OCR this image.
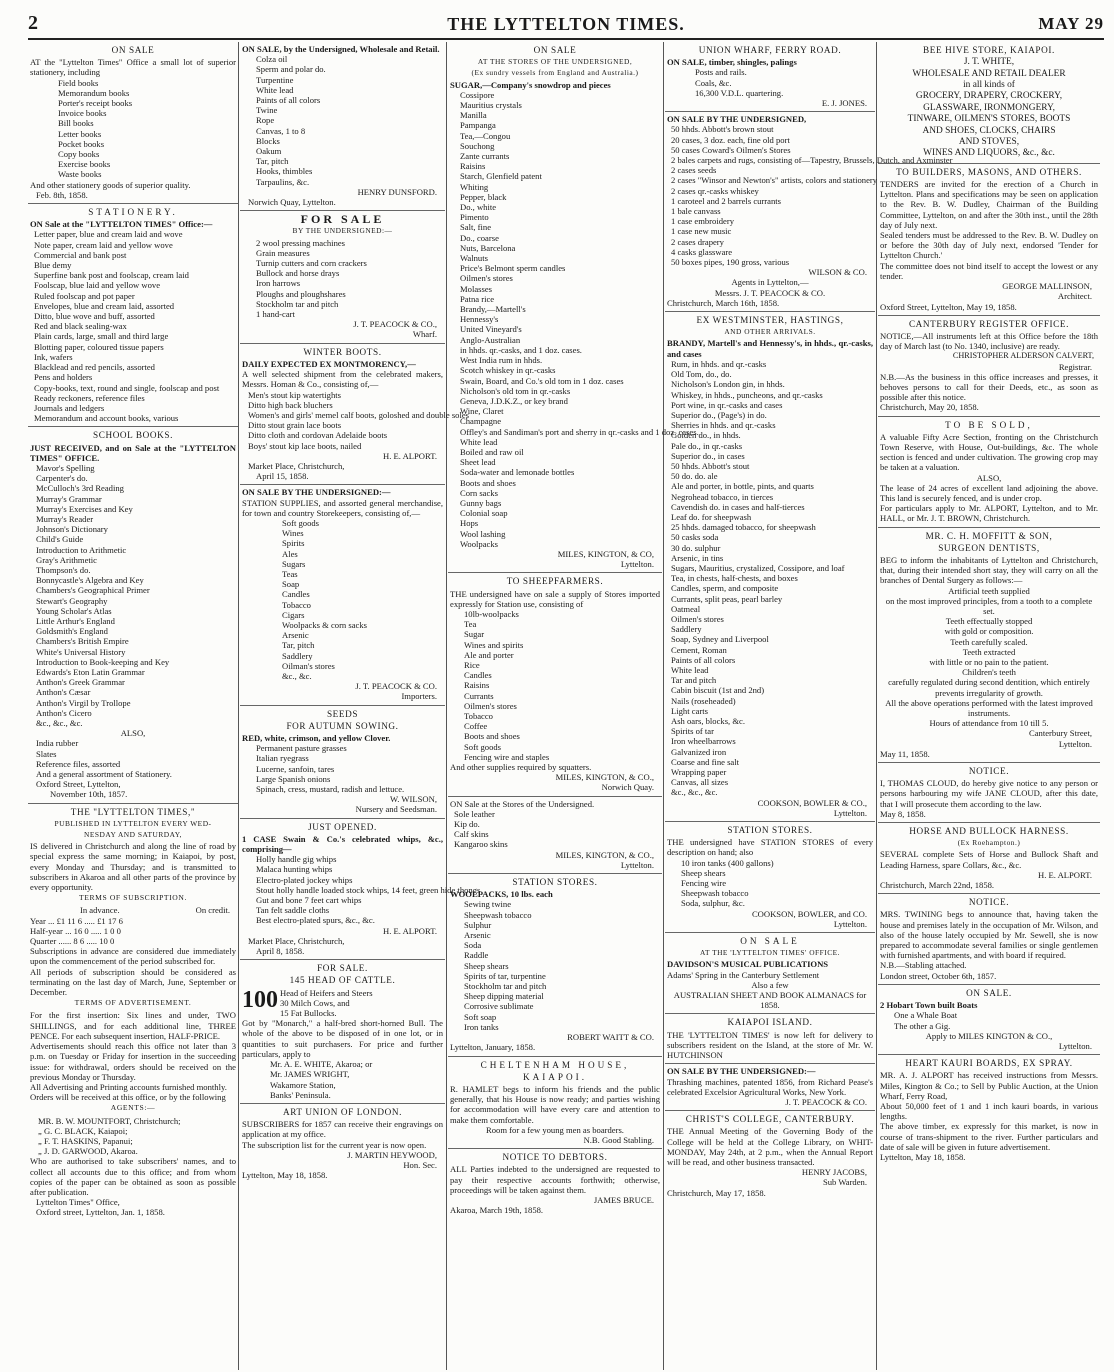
2	THE LYTTELTON TIMES.	MAY 29
ON SALE
AT the "Lyttelton Times" Office a small lot of superior stationery, including
Field books
Memorandum books
Porter's receipt books
Invoice books
Bill books
Letter books
Pocket books
Copy books
Exercise books
Waste books
And other stationery goods of superior quality.
Feb. 8th, 1858.
STATIONERY.
ON Sale at the "LYTTELTON TIMES" Office:—
Letter paper, blue and cream laid and wove
Note paper, cream laid and yellow wove
Commercial and bank post
Blue demy
Superfine bank post and foolscap, cream laid
Foolscap, blue laid and yellow wove
Ruled foolscap and pot paper
Envelopes, blue and cream laid, assorted
Ditto, blue wove and buff, assorted
Red and black sealing-wax
Plain cards, large, small and third large
Blotting paper, coloured tissue papers
Ink, wafers
Blacklead and red pencils, assorted
Pens and holders
Copy-books, text, round and single, foolscap and post
Ready reckoners, reference files
Journals and ledgers
Memorandum and account books, various
SCHOOL BOOKS.
JUST RECEIVED, and on Sale at the "LYTTELTON TIMES" OFFICE.
Mavor's Spelling
Carpenter's do.
McCulloch's 3rd Reading
Murray's Grammar
Murray's Exercises and Key
Murray's Reader
Johnson's Dictionary
Child's Guide
Introduction to Arithmetic
Gray's Arithmetic
Thompson's do.
Bonnycastle's Algebra and Key
Chambers's Geographical Primer
Stewart's Geography
Young Scholar's Atlas
Little Arthur's England
Goldsmith's England
Chambers's British Empire
White's Universal History
Introduction to Book-keeping and Key
Edwards's Eton Latin Grammar
Anthon's Greek Grammar
Anthon's Cæsar
Anthon's Virgil by Trollope
Anthon's Cicero
&c., &c., &c.
ALSO,
India rubber
Slates
Reference files, assorted
And a general assortment of Stationery.
Oxford Street, Lyttelton,
November 10th, 1857.
THE "LYTTELTON TIMES,"
PUBLISHED IN LYTTELTON EVERY WED-
NESDAY AND SATURDAY,
IS delivered in Christchurch and along the line of road by special express the same morning; in Kaiapoi, by post, every Monday and Thursday; and is transmitted to subscribers in Akaroa and all other parts of the province by every opportunity.
TERMS OF SUBSCRIPTION.
In advance.	On credit.
Year ... £1 11 6 ..... £1 17 6
Half-year ... 16 0 ..... 1 0 0
Quarter ...... 8 6 ..... 10 0
Subscriptions in advance are considered due immediately upon the commencement of the period subscribed for.
All periods of subscription should be considered as terminating on the last day of March, June, September or December.
TERMS OF ADVERTISEMENT.
For the first insertion: Six lines and under, TWO SHILLINGS, and for each additional line, THREE PENCE. For each subsequent insertion, HALF-PRICE.
Advertisements should reach this office not later than 3 p.m. on Tuesday or Friday for insertion in the succeeding issue: for withdrawal, orders should be received on the previous Monday or Thursday.
All Advertising and Printing accounts furnished monthly.
Orders will be received at this office, or by the following
AGENTS:—
MR. B. W. MOUNTFORT, Christchurch;
„ G. C. BLACK, Kaiapoi;
„ F. T. HASKINS, Papanui;
„ J. D. GARWOOD, Akaroa.
Who are authorised to take subscribers' names, and to collect all accounts due to this office; and from whom copies of the paper can be obtained as soon as possible after publication.
Lyttelton Times" Office,
Oxford street, Lyttelton, Jan. 1, 1858.
ON SALE, by the Undersigned, Wholesale and Retail.
Colza oil
Sperm and polar do.
Turpentine
White lead
Paints of all colors
Twine
Rope
Canvas, 1 to 8
Blocks
Oakum
Tar, pitch
Hooks, thimbles
Tarpaulins, &c.
HENRY DUNSFORD.
Norwich Quay, Lyttelton.
FOR SALE
BY THE UNDERSIGNED:—
2 wool pressing machines
Grain measures
Turnip cutters and corn crackers
Bullock and horse drays
Iron harrows
Ploughs and ploughshares
Stockholm tar and pitch
1 hand-cart
J. T. PEACOCK & CO.,
Wharf.
WINTER BOOTS.
DAILY EXPECTED EX MONTMORENCY,—
A well selected shipment from the celebrated makers, Messrs. Homan & Co., consisting of,—
Men's stout kip watertights
Ditto high back bluchers
Women's and girls' memel calf boots, goloshed and double soles
Ditto stout grain lace boots
Ditto cloth and cordovan Adelaide boots
Boys' stout kip lace boots, nailed
H. E. ALPORT.
Market Place, Christchurch,
April 15, 1858.
ON SALE BY THE UNDERSIGNED:—
STATION SUPPLIES, and assorted general merchandise, for town and country Storekeepers, consisting of,—
Soft goods
Wines
Spirits
Ales
Sugars
Teas
Soap
Candles
Tobacco
Cigars
Woolpacks & corn sacks
Arsenic
Tar, pitch
Saddlery
Oilman's stores
&c., &c.
J. T. PEACOCK & CO.
Importers.
SEEDS
FOR AUTUMN SOWING.
RED, white, crimson, and yellow Clover.
Permanent pasture grasses
Italian ryegrass
Lucerne, sanfoin, tares
Large Spanish onions
Spinach, cress, mustard, radish and lettuce.
W. WILSON,
Nursery and Seedsman.
JUST OPENED.
1 CASE Swain & Co.'s celebrated whips, &c., comprising—
Holly handle gig whips
Malaca hunting whips
Electro-plated jockey whips
Stout holly handle loaded stock whips, 14 feet, green hide thongs
Gut and bone 7 feet cart whips
Tan felt saddle cloths
Best electro-plated spurs, &c., &c.
H. E. ALPORT.
Market Place, Christchurch,
April 8, 1858.
FOR SALE.
145 HEAD OF CATTLE.
100 Head of Heifers and Steers
30 Milch Cows, and
15 Fat Bullocks.
Got by "Monarch," a half-bred short-horned Bull. The whole of the above to be disposed of in one lot, or in quantities to suit purchasers. For price and further particulars, apply to
Mr. A. E. WHITE, Akaroa; or
Mr. JAMES WRIGHT,
Wakamore Station,
Banks' Peninsula.
ART UNION OF LONDON.
SUBSCRIBERS for 1857 can receive their engravings on application at my office.
The subscription list for the current year is now open.
J. MARTIN HEYWOOD,
Hon. Sec.
Lyttelton, May 18, 1858.
ON SALE
AT THE STORES OF THE UNDERSIGNED,
(Ex sundry vessels from England and Australia.)
SUGAR,—Company's snowdrop and pieces
Cossipore
Mauritius crystals
Manilla
Pampanga
Tea,—Congou
Souchong
Zante currants
Raisins
Starch, Glenfield patent
Whiting
Pepper, black
Do., white
Pimento
Salt, fine
Do., coarse
Nuts, Barcelona
Walnuts
Price's Belmont sperm candles
Oilmen's stores
Molasses
Patna rice
Brandy,—Martell's
Hennessy's
United Vineyard's
Anglo-Australian
in hhds. qr.-casks, and 1 doz. cases.
West India rum in hhds.
Scotch whiskey in qr.-casks
Swain, Board, and Co.'s old tom in 1 doz. cases
Nicholson's old tom in qr.-casks
Geneva, J.D.K.Z., or key brand
Wine, Claret
Champagne
Offley's and Sandiman's port and sherry in qr.-casks and 1 doz. cases.
White lead
Boiled and raw oil
Sheet lead
Soda-water and lemonade bottles
Boots and shoes
Corn sacks
Gunny bags
Colonial soap
Hops
Wool lashing
Woolpacks
MILES, KINGTON, & CO,
Lyttelton.
TO SHEEPFARMERS.
THE undersigned have on sale a supply of Stores imported expressly for Station use, consisting of
10lb-woolpacks
Tea
Sugar
Wines and spirits
Ale and porter
Rice
Candles
Raisins
Currants
Oilmen's stores
Tobacco
Coffee
Boots and shoes
Soft goods
Fencing wire and staples
And other supplies required by squatters.
MILES, KINGTON, & CO.,
Norwich Quay.
ON Sale at the Stores of the Undersigned.
Sole leather
Kip do.
Calf skins
Kangaroo skins
MILES, KINGTON, & CO.,
Lyttelton.
STATION STORES.
WOOLPACKS, 10 lbs. each
Sewing twine
Sheepwash tobacco
Sulphur
Arsenic
Soda
Raddle
Sheep shears
Spirits of tar, turpentine
Stockholm tar and pitch
Sheep dipping material
Corrosive sublimate
Soft soap
Iron tanks
ROBERT WAITT & CO.
Lyttelton, January, 1858.
CHELTENHAM HOUSE,
KAIAPOI.
R. HAMLET begs to inform his friends and the public generally, that his House is now ready; and parties wishing for accommodation will have every care and attention to make them comfortable.
Room for a few young men as boarders.
N.B. Good Stabling.
NOTICE TO DEBTORS.
ALL Parties indebted to the undersigned are requested to pay their respective accounts forthwith; otherwise, proceedings will be taken against them.
JAMES BRUCE.
Akaroa, March 19th, 1858.
UNION WHARF, FERRY ROAD.
ON SALE, timber, shingles, palings
Posts and rails.
Coals, &c.
16,300 V.D.L. quartering.
E. J. JONES.
ON SALE BY THE UNDERSIGNED,
50 hhds. Abbott's brown stout
20 cases, 3 doz. each, fine old port
50 cases Coward's Oilmen's Stores
2 bales carpets and rugs, consisting of—Tapestry, Brussels, Dutch, and Axminster
2 cases seeds
2 cases "Winsor and Newton's" artists, colors and stationery
2 cases qr.-casks whiskey
1 caroteel and 2 barrels currants
1 bale canvass
1 case embroidery
1 case new music
2 cases drapery
4 casks glassware
50 boxes pipes, 190 gross, various
WILSON & CO.
Agents in Lyttelton,—
Messrs. J. T. PEACOCK & CO.
Christchurch, March 16th, 1858.
EX WESTMINSTER, HASTINGS,
AND OTHER ARRIVALS.
BRANDY, Martell's and Hennessy's, in hhds., qr.-casks, and cases
Rum, in hhds. and qr.-casks
Old Tom, do., do.
Nicholson's London gin, in hhds.
Whiskey, in hhds., puncheons, and qr.-casks
Port wine, in qr.-casks and cases
Superior do., (Page's) in do.
Sherries in hhds. and qr.-casks
Golden do., in hhds.
Pale do., in qr.-casks
Superior do., in cases
50 hhds. Abbott's stout
50 do. do. ale
Ale and porter, in bottle, pints, and quarts
Negrohead tobacco, in tierces
Cavendish do. in cases and half-tierces
Leaf do. for sheepwash
25 hhds. damaged tobacco, for sheepwash
50 casks soda
30 do. sulphur
Arsenic, in tins
Sugars, Mauritius, crystalized, Cossipore, and loaf
Tea, in chests, half-chests, and boxes
Candles, sperm, and composite
Currants, split peas, pearl barley
Oatmeal
Oilmen's stores
Saddlery
Soap, Sydney and Liverpool
Cement, Roman
Paints of all colors
White lead
Tar and pitch
Cabin biscuit (1st and 2nd)
Nails (roseheaded)
Light carts
Ash oars, blocks, &c.
Spirits of tar
Iron wheelbarrows
Galvanized iron
Coarse and fine salt
Wrapping paper
Canvas, all sizes
&c., &c., &c.
COOKSON, BOWLER & CO.,
Lyttelton.
STATION STORES.
THE undersigned have STATION STORES of every description on hand; also
10 iron tanks (400 gallons)
Sheep shears
Fencing wire
Sheepwash tobacco
Soda, sulphur, &c.
COOKSON, BOWLER, and CO.
Lyttelton.
ON SALE
AT THE 'LYTTELTON TIMES' OFFICE.
DAVIDSON'S MUSICAL PUBLICATIONS
Adams' Spring in the Canterbury Settlement
Also a few
AUSTRALIAN SHEET AND BOOK ALMANACS for 1858.
KAIAPOI ISLAND.
THE 'LYTTELTON TIMES' is now left for delivery to subscribers resident on the Island, at the store of Mr. W. HUTCHINSON
ON SALE BY THE UNDERSIGNED:—
Thrashing machines, patented 1856, from Richard Pease's celebrated Excelsior Agricultural Works, New York.
J. T. PEACOCK & CO.
CHRIST'S COLLEGE, CANTERBURY.
THE Annual Meeting of the Governing Body of the College will be held at the College Library, on WHIT-MONDAY, May 24th, at 2 p.m., when the Annual Report will be read, and other business transacted.
HENRY JACOBS,
Sub Warden.
Christchurch, May 17, 1858.
BEE HIVE STORE, KAIAPOI.
J. T. WHITE,
WHOLESALE AND RETAIL DEALER
in all kinds of
GROCERY, DRAPERY, CROCKERY,
GLASSWARE, IRONMONGERY,
TINWARE, OILMEN'S STORES, BOOTS
AND SHOES, CLOCKS, CHAIRS
AND STOVES,
WINES AND LIQUORS, &c., &c.
TO BUILDERS, MASONS, AND OTHERS.
TENDERS are invited for the erection of a Church in Lyttelton. Plans and specifications may be seen on application to the Rev. B. W. Dudley, Chairman of the Building Committee, Lyttelton, on and after the 30th inst., until the 28th day of July next.
Sealed tenders must be addressed to the Rev. B. W. Dudley on or before the 30th day of July next, endorsed 'Tender for Lyttelton Church.'
The committee does not bind itself to accept the lowest or any tender.
GEORGE MALLINSON,
Architect.
Oxford Street, Lyttelton, May 19, 1858.
CANTERBURY REGISTER OFFICE.
NOTICE,—All instruments left at this Office before the 18th day of March last (to No. 1340, inclusive) are ready.
CHRISTOPHER ALDERSON CALVERT,
Registrar.
N.B.—As the business in this office increases and presses, it behoves persons to call for their Deeds, etc., as soon as possible after this notice.
Christchurch, May 20, 1858.
TO BE SOLD,
A valuable Fifty Acre Section, fronting on the Christchurch Town Reserve, with House, Out-buildings, &c. The whole section is fenced and under cultivation. The growing crop may be taken at a valuation.
ALSO,
The lease of 24 acres of excellent land adjoining the above. This land is securely fenced, and is under crop.
For particulars apply to Mr. ALPORT, Lyttelton, and to Mr. HALL, or Mr. J. T. BROWN, Christchurch.
MR. C. H. MOFFITT & SON,
SURGEON DENTISTS,
BEG to inform the inhabitants of Lyttelton and Christchurch, that, during their intended short stay, they will carry on all the branches of Dental Surgery as follows:—
Artificial teeth supplied
on the most improved principles, from a tooth to a complete set.
Teeth effectually stopped
with gold or composition.
Teeth carefully scaled.
Teeth extracted
with little or no pain to the patient.
Children's teeth
carefully regulated during second dentition, which entirely prevents irregularity of growth.
All the above operations performed with the latest improved instruments.
Hours of attendance from 10 till 5.
Canterbury Street,
Lyttelton.
May 11, 1858.
NOTICE.
I, THOMAS CLOUD, do hereby give notice to any person or persons harbouring my wife JANE CLOUD, after this date, that I will prosecute them according to the law.
May 8, 1858.
HORSE AND BULLOCK HARNESS.
(Ex Roehampton.)
SEVERAL complete Sets of Horse and Bullock Shaft and Leading Harness, spare Collars, &c., &c.
H. E. ALPORT.
Christchurch, March 22nd, 1858.
NOTICE.
MRS. TWINING begs to announce that, having taken the house and premises lately in the occupation of Mr. Wilson, and also of the house lately occupied by Mr. Sewell, she is now prepared to accommodate several families or single gentlemen with furnished apartments, and with board if required.
N.B.—Stabling attached.
London street, October 6th, 1857.
ON SALE.
2 Hobart Town built Boats
One a Whale Boat
The other a Gig.
Apply to MILES KINGTON & CO.,
Lyttelton.
HEART KAURI BOARDS, EX SPRAY.
MR. A. J. ALPORT has received instructions from Messrs. Miles, Kington & Co.; to Sell by Public Auction, at the Union Wharf, Ferry Road,
About 50,000 feet of 1 and 1 inch kauri boards, in various lengths.
The above timber, ex expressly for this market, is now in course of trans-shipment to the river. Further particulars and date of sale will be given in future advertisement.
Lyttelton, May 18, 1858.
